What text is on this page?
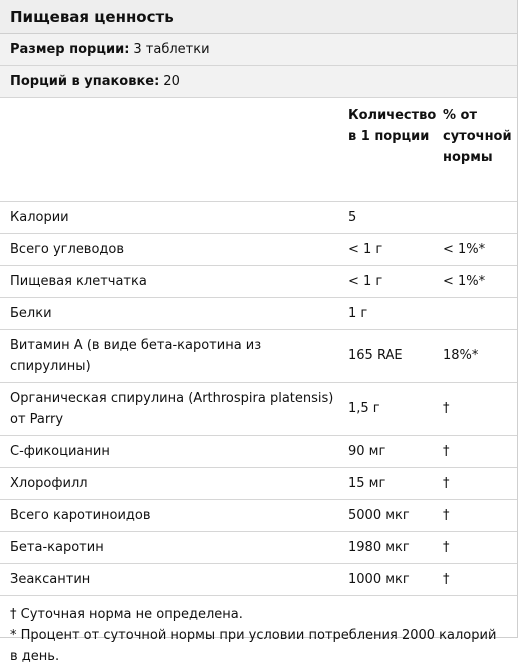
Пищевая ценность
Размер порции: 3 таблетки
Порций в упаковке: 20
	Количество в 1 порции	% от суточной нормы
Калории	5	
Всего углеводов	< 1 г	< 1%*
Пищевая клетчатка	< 1 г	< 1%*
Белки	1 г	
Витамин A (в виде бета-каротина из спирулины)	165 RAE	18%*
Органическая спирулина (Arthrospira platensis) от Parry	1,5 г	†
С-фикоцианин	90 мг	†
Хлорофилл	15 мг	†
Всего каротиноидов	5000 мкг	†
Бета-каротин	1980 мкг	†
Зеаксантин	1000 мкг	†
† Суточная норма не определена.
* Процент от суточной нормы при условии потребления 2000 калорий в день.
